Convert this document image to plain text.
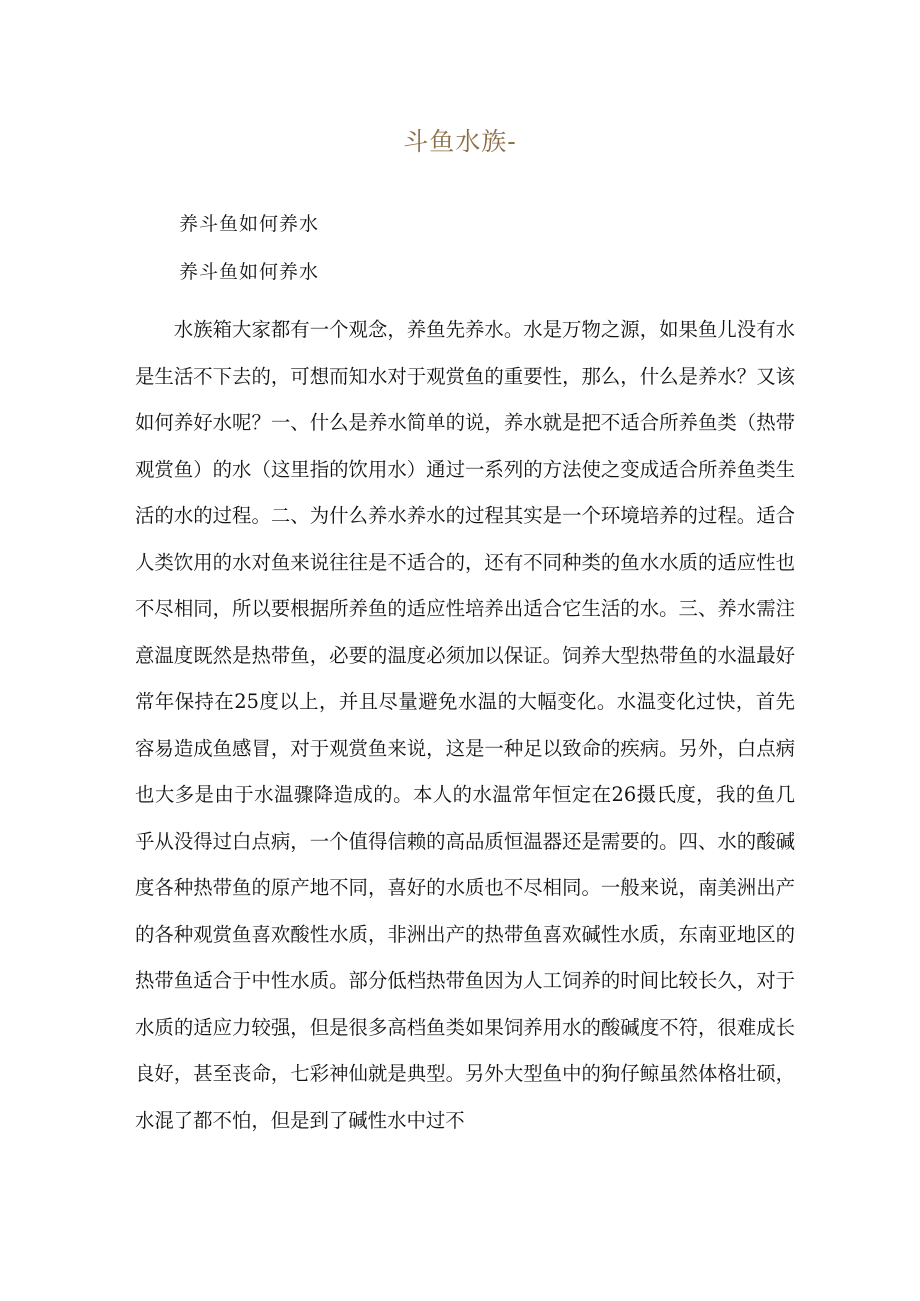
斗鱼水族-
养斗鱼如何养水
养斗鱼如何养水

水族箱大家都有一个观念，养鱼先养水。水是万物之源，如果鱼儿没有水是生活不下去的，可想而知水对于观赏鱼的重要性，那么，什么是养水？又该如何养好水呢？一、什么是养水简单的说，养水就是把不适合所养鱼类（热带观赏鱼）的水（这里指的饮用水）通过一系列的方法使之变成适合所养鱼类生活的水的过程。二、为什么养水养水的过程其实是一个环境培养的过程。适合人类饮用的水对鱼来说往往是不适合的，还有不同种类的鱼水水质的适应性也不尽相同，所以要根据所养鱼的适应性培养出适合它生活的水。三、养水需注意温度既然是热带鱼，必要的温度必须加以保证。饲养大型热带鱼的水温最好常年保持在25度以上，并且尽量避免水温的大幅变化。水温变化过快，首先容易造成鱼感冒，对于观赏鱼来说，这是一种足以致命的疾病。另外，白点病也大多是由于水温骤降造成的。本人的水温常年恒定在26摄氏度，我的鱼几乎从没得过白点病，一个值得信赖的高品质恒温器还是需要的。四、水的酸碱度各种热带鱼的原产地不同，喜好的水质也不尽相同。一般来说，南美洲出产的各种观赏鱼喜欢酸性水质，非洲出产的热带鱼喜欢碱性水质，东南亚地区的热带鱼适合于中性水质。部分低档热带鱼因为人工饲养的时间比较长久，对于水质的适应力较强，但是很多高档鱼类如果饲养用水的酸碱度不符，很难成长良好，甚至丧命，七彩神仙就是典型。另外大型鱼中的狗仔鲸虽然体格壮硕，水混了都不怕，但是到了碱性水中过不
